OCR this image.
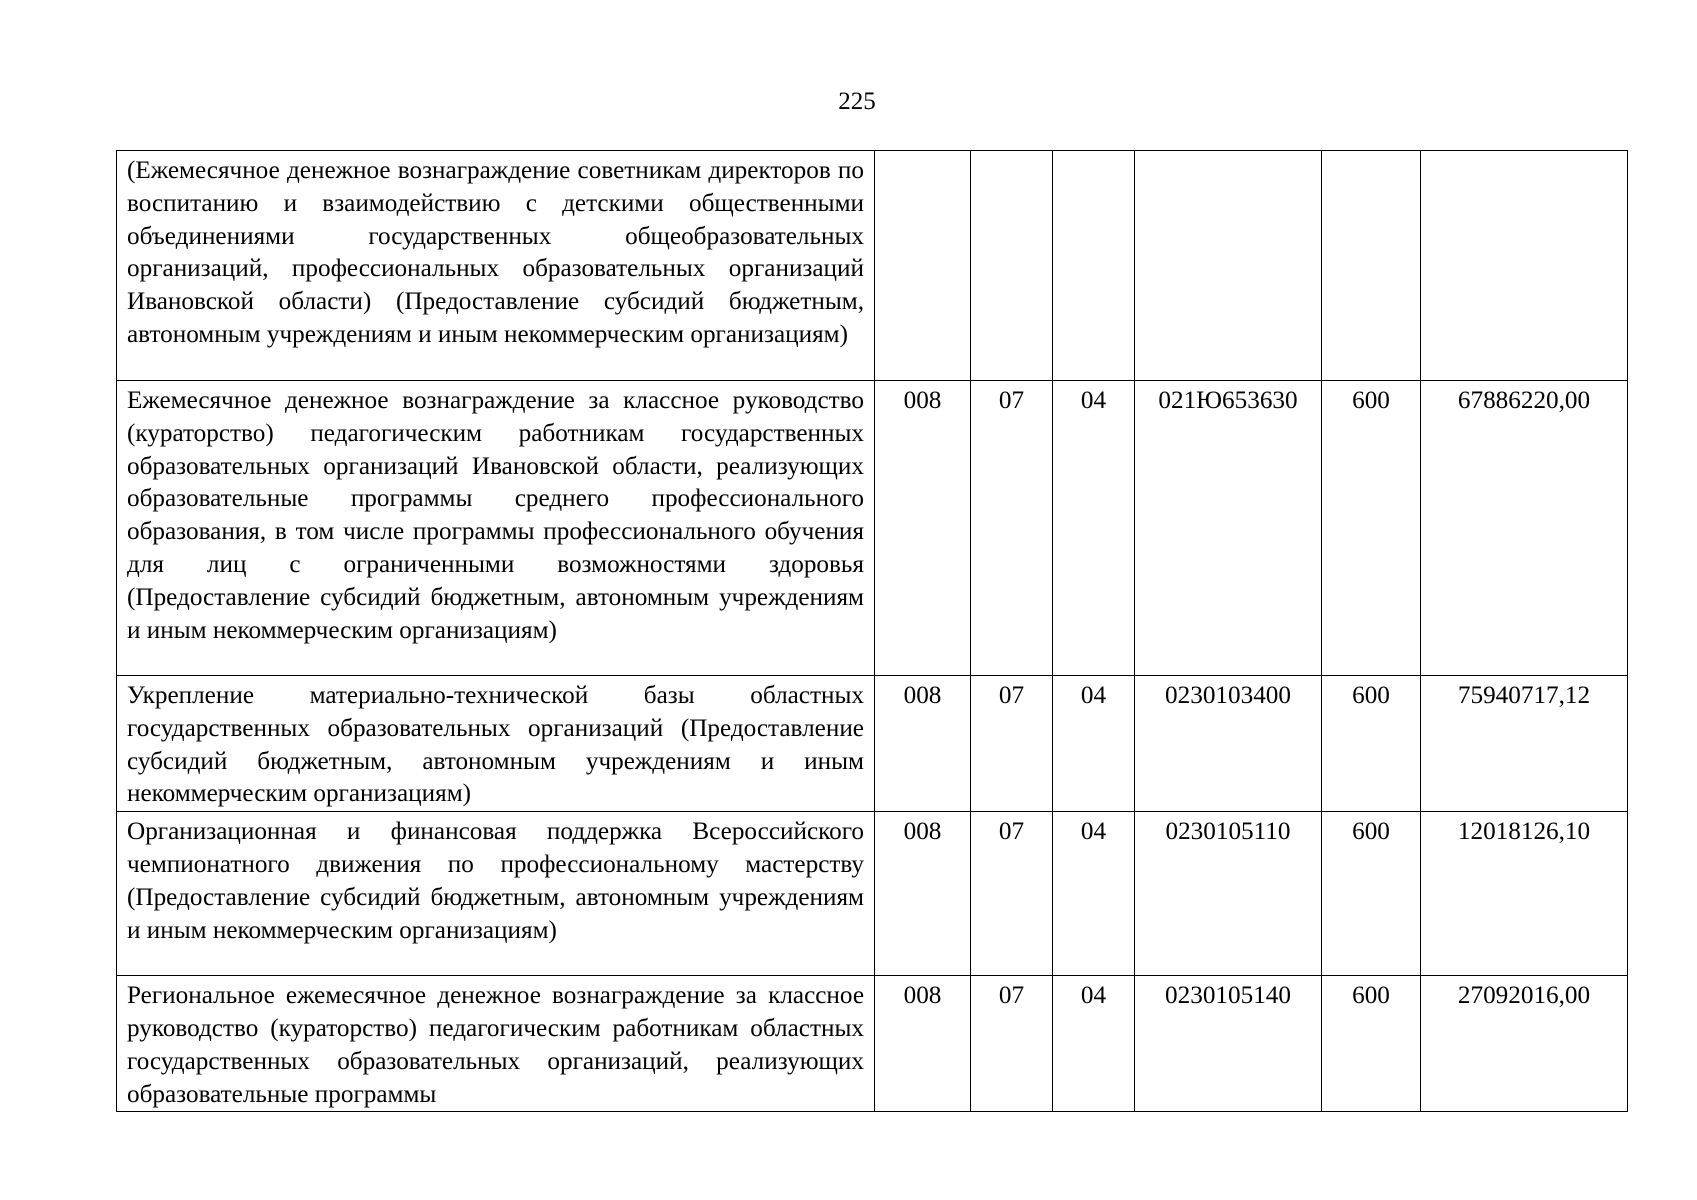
225
(Ежемесячное денежное вознаграждение советникам директоров по воспитанию и взаимодействию с детскими общественными объединениями государственных общеобразовательных организаций, профессиональных образовательных организаций Ивановской области) (Предоставление субсидий бюджетным, автономным учреждениям и иным некоммерческим организациям)						
Ежемесячное денежное вознаграждение за классное руководство (кураторство) педагогическим работникам государственных образовательных организаций Ивановской области, реализующих образовательные программы среднего профессионального образования, в том числе программы профессионального обучения для лиц с ограниченными возможностями здоровья (Предоставление субсидий бюджетным, автономным учреждениям и иным некоммерческим организациям)	008	07	04	021Ю653630	600	67886220,00
Укрепление материально-технической базы областных государственных образовательных организаций (Предоставление субсидий бюджетным, автономным учреждениям и иным некоммерческим организациям)	008	07	04	0230103400	600	75940717,12
Организационная и финансовая поддержка Всероссийского чемпионатного движения по профессиональному мастерству (Предоставление субсидий бюджетным, автономным учреждениям и иным некоммерческим организациям)	008	07	04	0230105110	600	12018126,10
Региональное ежемесячное денежное вознаграждение за классное руководство (кураторство) педагогическим работникам областных государственных образовательных организаций, реализующих образовательные программы	008	07	04	0230105140	600	27092016,00
